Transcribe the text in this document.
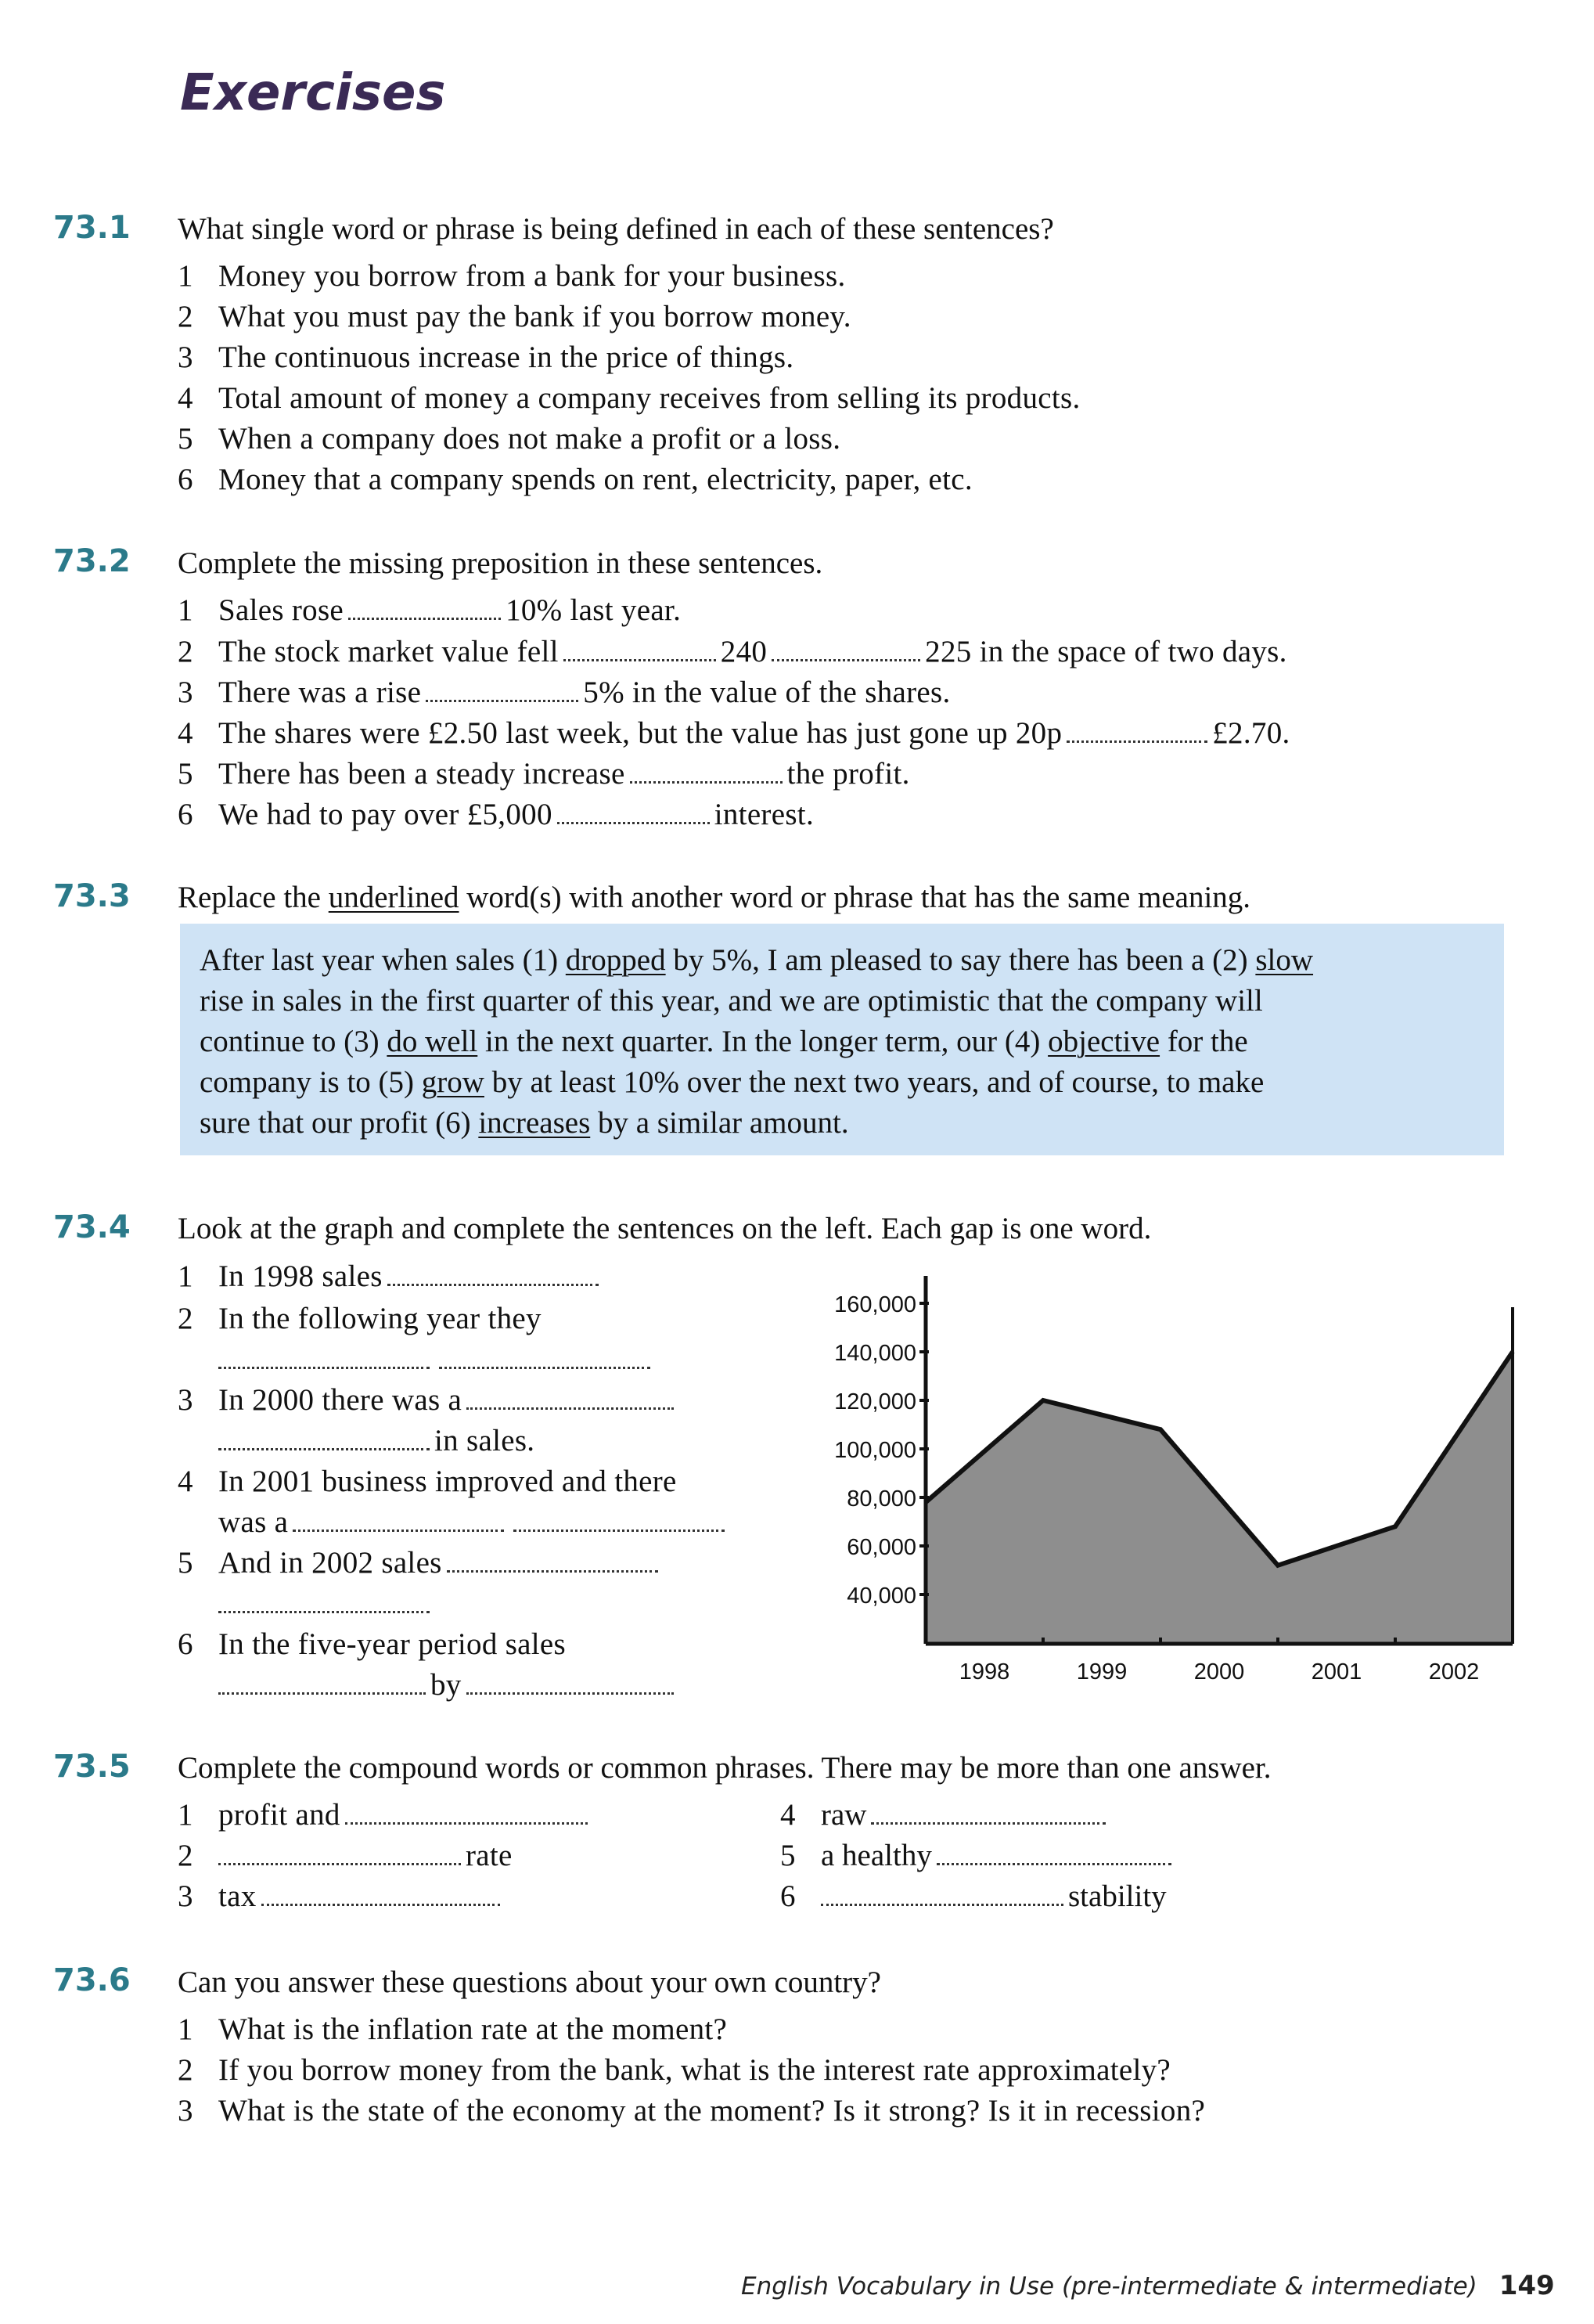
Exercises
73.1 What single word or phrase is being defined in each of these sentences?
1 Money you borrow from a bank for your business.
2 What you must pay the bank if you borrow money.
3 The continuous increase in the price of things.
4 Total amount of money a company receives from selling its products.
5 When a company does not make a profit or a loss.
6 Money that a company spends on rent, electricity, paper, etc.
73.2 Complete the missing preposition in these sentences.
1 Sales rose	10% last year.
2 The stock market value fell	240	225 in the space of two days.
3 There was a rise	5% in the value of the shares.
4 The shares were £2.50 last week, but the value has just gone up 20p	£2.70.
5 There has been a steady increase	the profit.
6 We had to pay over £5,000	interest.
73.3 Replace the underlined word(s) with another word or phrase that has the same meaning.
After last year when sales (1) dropped by 5%, I am pleased to say there has been a (2) slow
rise in sales in the first quarter of this year, and we are optimistic that the company will
continue to (3) do well in the next quarter. In the longer term, our (4) objective for the
company is to (5) grow by at least 10% over the next two years, and of course, to make
sure that our profit (6) increases by a similar amount.
73.4 Look at the graph and complete the sentences on the left. Each gap is one word.
1 In 1998 sales
2 In the following year they
3 In 2000 there was a
in sales.
4 In 2001 business improved and there
was a
5 And in 2002 sales
6 In the five-year period sales
by
160,000
140,000
120,000
100,000
80,000
60,000
40,000
1998	1999	2000	2001	2002
73.5 Complete the compound words or common phrases. There may be more than one answer.
1 profit and
2	rate
3 tax
4 raw
5 a healthy
6	stability
73.6 Can you answer these questions about your own country?
1 What is the inflation rate at the moment?
2 If you borrow money from the bank, what is the interest rate approximately?
3 What is the state of the economy at the moment? Is it strong? Is it in recession?
English Vocabulary in Use (pre-intermediate & intermediate) 149
